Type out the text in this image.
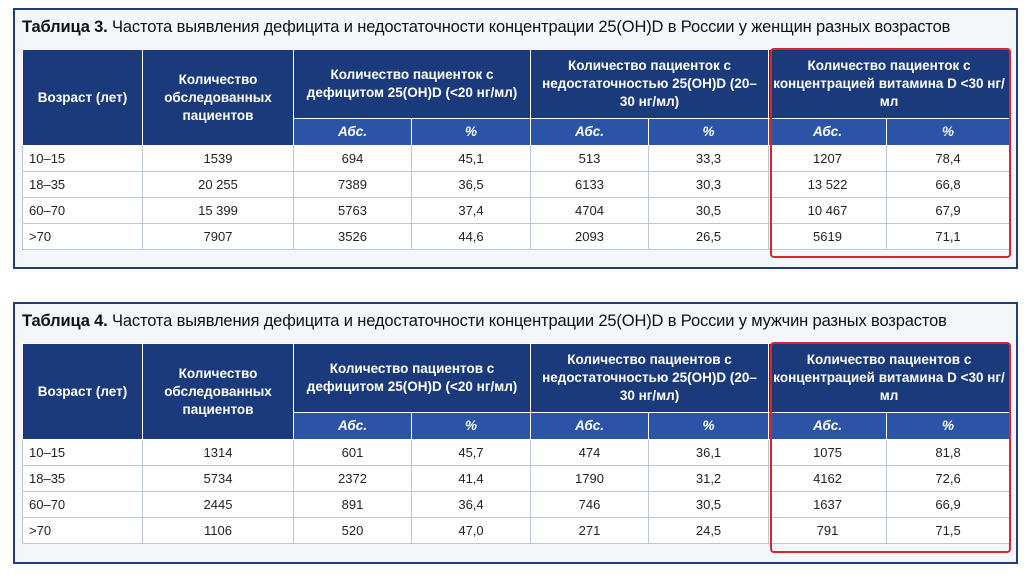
Таблица 3. Частота выявления дефицита и недостаточности концентрации 25(OH)D в России у женщин разных возрастов
Возраст (лет)	Количество обследованных пациентов	Количество пациенток с дефицитом 25(OH)D (<20 нг/мл)		Количество пациенток с недостаточностью 25(OH)D (20–30 нг/мл)		Количество пациенток с концентрацией витамина D <30 нг/мл	
		Абс.	%	Абс.	%	Абс.	%
10–15	1539	694	45,1	513	33,3	1207	78,4
18–35	20 255	7389	36,5	6133	30,3	13 522	66,8
60–70	15 399	5763	37,4	4704	30,5	10 467	67,9
>70	7907	3526	44,6	2093	26,5	5619	71,1
Таблица 4. Частота выявления дефицита и недостаточности концентрации 25(OH)D в России у мужчин разных возрастов
Возраст (лет)	Количество обследованных пациентов	Количество пациентов с дефицитом 25(OH)D (<20 нг/мл)		Количество пациентов с недостаточностью 25(OH)D (20–30 нг/мл)		Количество пациентов с концентрацией витамина D <30 нг/мл	
		Абс.	%	Абс.	%	Абс.	%
10–15	1314	601	45,7	474	36,1	1075	81,8
18–35	5734	2372	41,4	1790	31,2	4162	72,6
60–70	2445	891	36,4	746	30,5	1637	66,9
>70	1106	520	47,0	271	24,5	791	71,5
